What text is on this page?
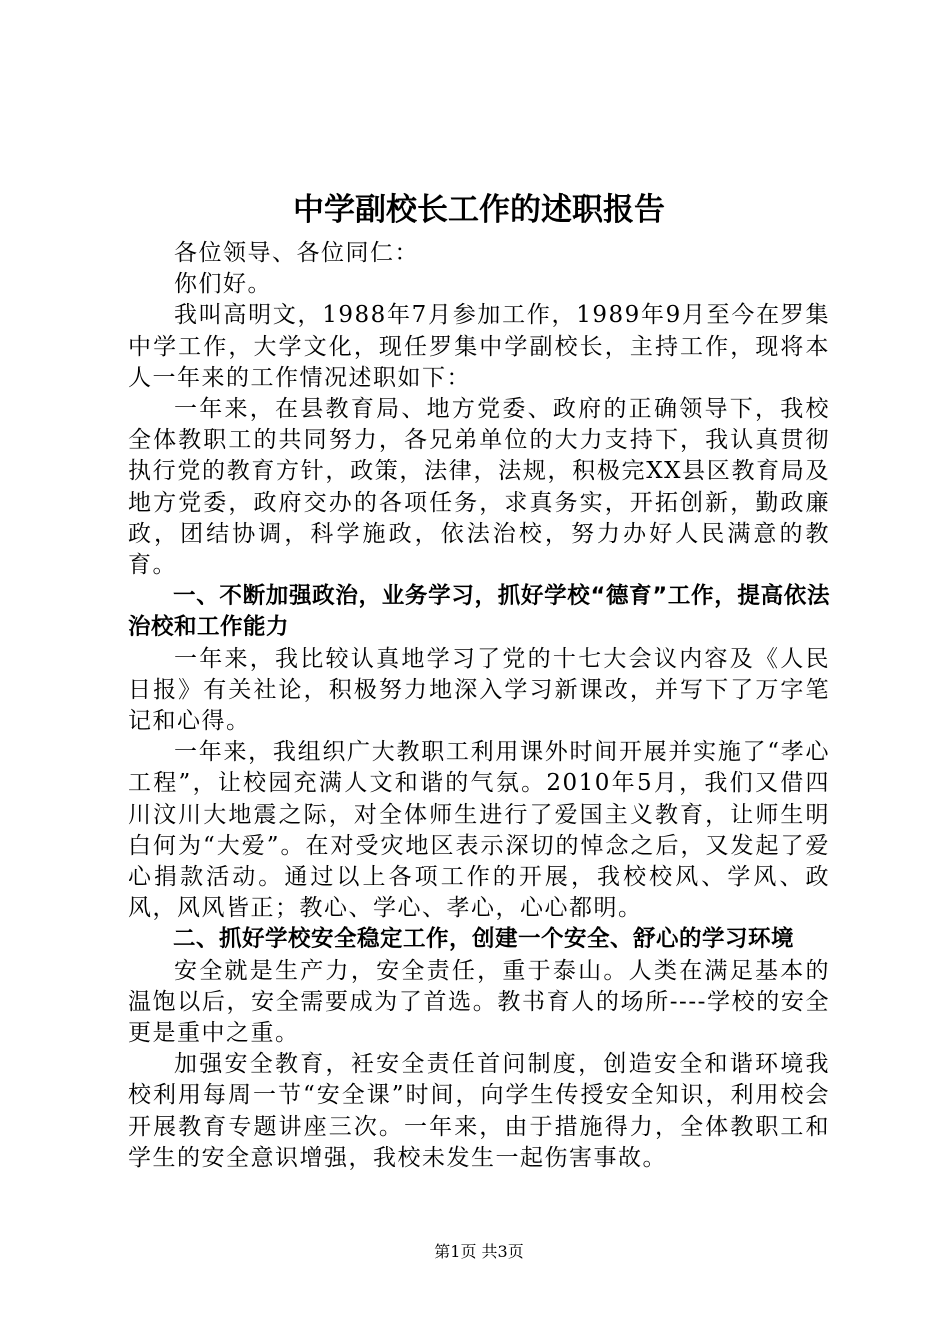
中学副校长工作的述职报告

各位领导、各位同仁：

你们好。

我叫高明文，1988年7月参加工作，1989年9月至今在罗集中学工作，大学文化，现任罗集中学副校长，主持工作，现将本人一年来的工作情况述职如下：

一年来，在县教育局、地方党委、政府的正确领导下，我校全体教职工的共同努力，各兄弟单位的大力支持下，我认真贯彻执行党的教育方针，政策，法律，法规，积极完XX县区教育局及地方党委，政府交办的各项任务，求真务实，开拓创新，勤政廉政，团结协调，科学施政，依法治校，努力办好人民满意的教育。

一、不断加强政治，业务学习，抓好学校“德育”工作，提高依法治校和工作能力

一年来，我比较认真地学习了党的十七大会议内容及《人民日报》有关社论，积极努力地深入学习新课改，并写下了万字笔记和心得。

一年来，我组织广大教职工利用课外时间开展并实施了“孝心工程”，让校园充满人文和谐的气氛。2010年5月，我们又借四川汶川大地震之际，对全体师生进行了爱国主义教育，让师生明白何为“大爱”。在对受灾地区表示深切的悼念之后，又发起了爱心捐款活动。通过以上各项工作的开展，我校校风、学风、政风，风风皆正；教心、学心、孝心，心心都明。

二、抓好学校安全稳定工作，创建一个安全、舒心的学习环境

安全就是生产力，安全责任，重于泰山。人类在满足基本的温饱以后，安全需要成为了首选。教书育人的场所----学校的安全更是重中之重。

加强安全教育，衽安全责任首问制度，创造安全和谐环境我校利用每周一节“安全课”时间，向学生传授安全知识，利用校会开展教育专题讲座三次。一年来，由于措施得力，全体教职工和学生的安全意识增强，我校未发生一起伤害事故。

第1页 共3页
